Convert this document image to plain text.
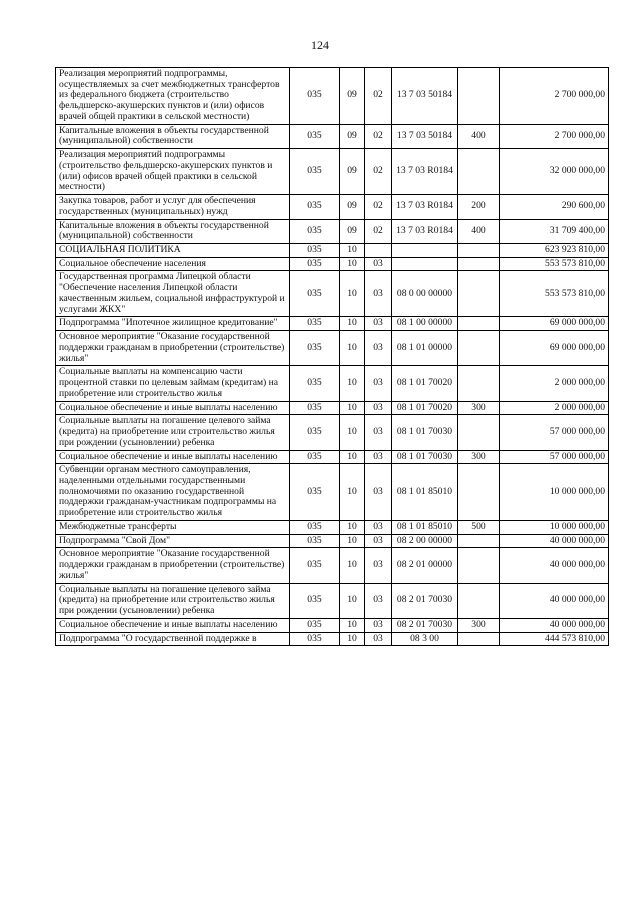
124
Реализация мероприятий подпрограммы, осуществляемых за счет межбюджетных трансфертов из федерального бюджета (строительство фельдшерско-акушерских пунктов и (или) офисов врачей общей практики в сельской местности)	035	09	02	13 7 03 50184		2 700 000,00
Капитальные вложения в объекты государственной (муниципальной) собственности	035	09	02	13 7 03 50184	400	2 700 000,00
Реализация мероприятий подпрограммы (строительство фельдшерско-акушерских пунктов и (или) офисов врачей общей практики в сельской местности)	035	09	02	13 7 03 R0184		32 000 000,00
Закупка товаров, работ и услуг для обеспечения государственных (муниципальных) нужд	035	09	02	13 7 03 R0184	200	290 600,00
Капитальные вложения в объекты государственной (муниципальной) собственности	035	09	02	13 7 03 R0184	400	31 709 400,00
СОЦИАЛЬНАЯ ПОЛИТИКА	035	10				623 923 810,00
Социальное обеспечение населения	035	10	03			553 573 810,00
Государственная программа Липецкой области "Обеспечение населения Липецкой области качественным жильем, социальной инфраструктурой и услугами ЖКХ"	035	10	03	08 0 00 00000		553 573 810,00
Подпрограмма "Ипотечное жилищное кредитование"	035	10	03	08 1 00 00000		69 000 000,00
Основное мероприятие "Оказание государственной поддержки гражданам в приобретении (строительстве) жилья"	035	10	03	08 1 01 00000		69 000 000,00
Социальные выплаты на компенсацию части процентной ставки по целевым займам (кредитам) на приобретение или строительство жилья	035	10	03	08 1 01 70020		2 000 000,00
Социальное обеспечение и иные выплаты населению	035	10	03	08 1 01 70020	300	2 000 000,00
Социальные выплаты на погашение целевого займа (кредита) на приобретение или строительство жилья при рождении (усыновлении) ребенка	035	10	03	08 1 01 70030		57 000 000,00
Социальное обеспечение и иные выплаты населению	035	10	03	08 1 01 70030	300	57 000 000,00
Субвенции органам местного самоуправления, наделенными отдельными государственными полномочиями по оказанию государственной поддержки гражданам-участникам подпрограммы на приобретение или строительство жилья	035	10	03	08 1 01 85010		10 000 000,00
Межбюджетные трансферты	035	10	03	08 1 01 85010	500	10 000 000,00
Подпрограмма "Свой Дом"	035	10	03	08 2 00 00000		40 000 000,00
Основное мероприятие "Оказание государственной поддержки гражданам в приобретении (строительстве) жилья"	035	10	03	08 2 01 00000		40 000 000,00
Социальные выплаты на погашение целевого займа (кредита) на приобретение или строительство жилья при рождении (усыновлении) ребенка	035	10	03	08 2 01 70030		40 000 000,00
Социальное обеспечение и иные выплаты населению	035	10	03	08 2 01 70030	300	40 000 000,00
Подпрограмма "О государственной поддержке в	035	10	03	08 3 00		444 573 810,00
